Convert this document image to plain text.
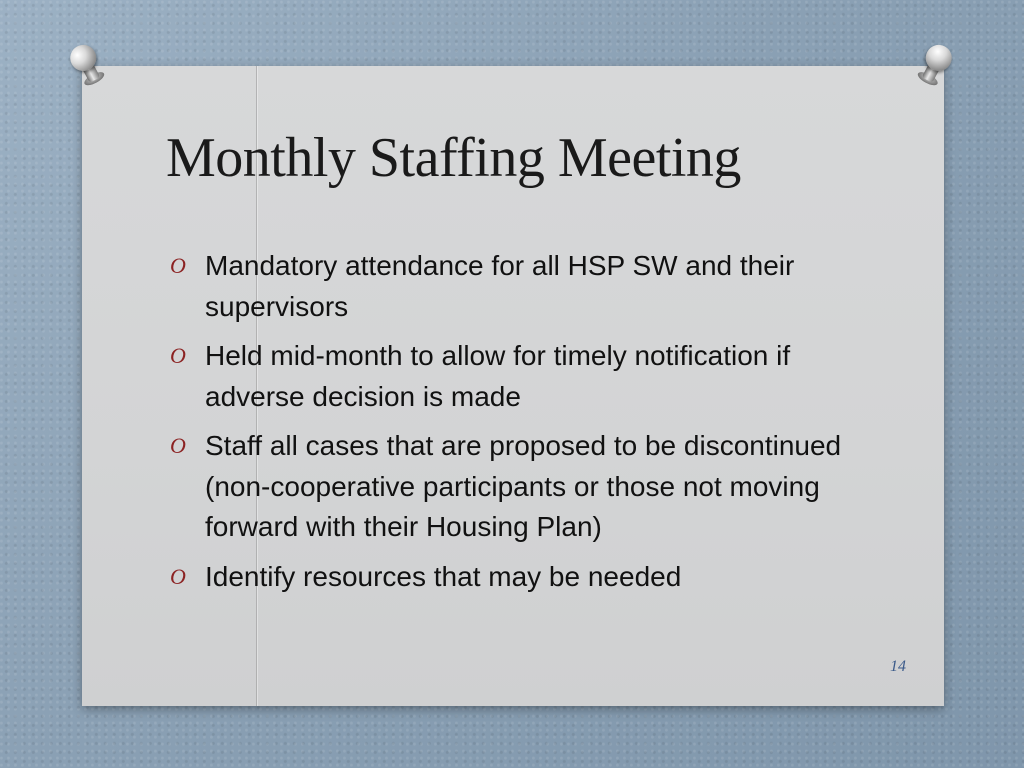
Monthly Staffing Meeting
O Mandatory attendance for all HSP SW and their supervisors
O Held mid-month to allow for timely notification if adverse decision is made
O Staff all cases that are proposed to be discontinued (non-cooperative participants or those not moving forward with their Housing Plan)
O Identify resources that may be needed
14
